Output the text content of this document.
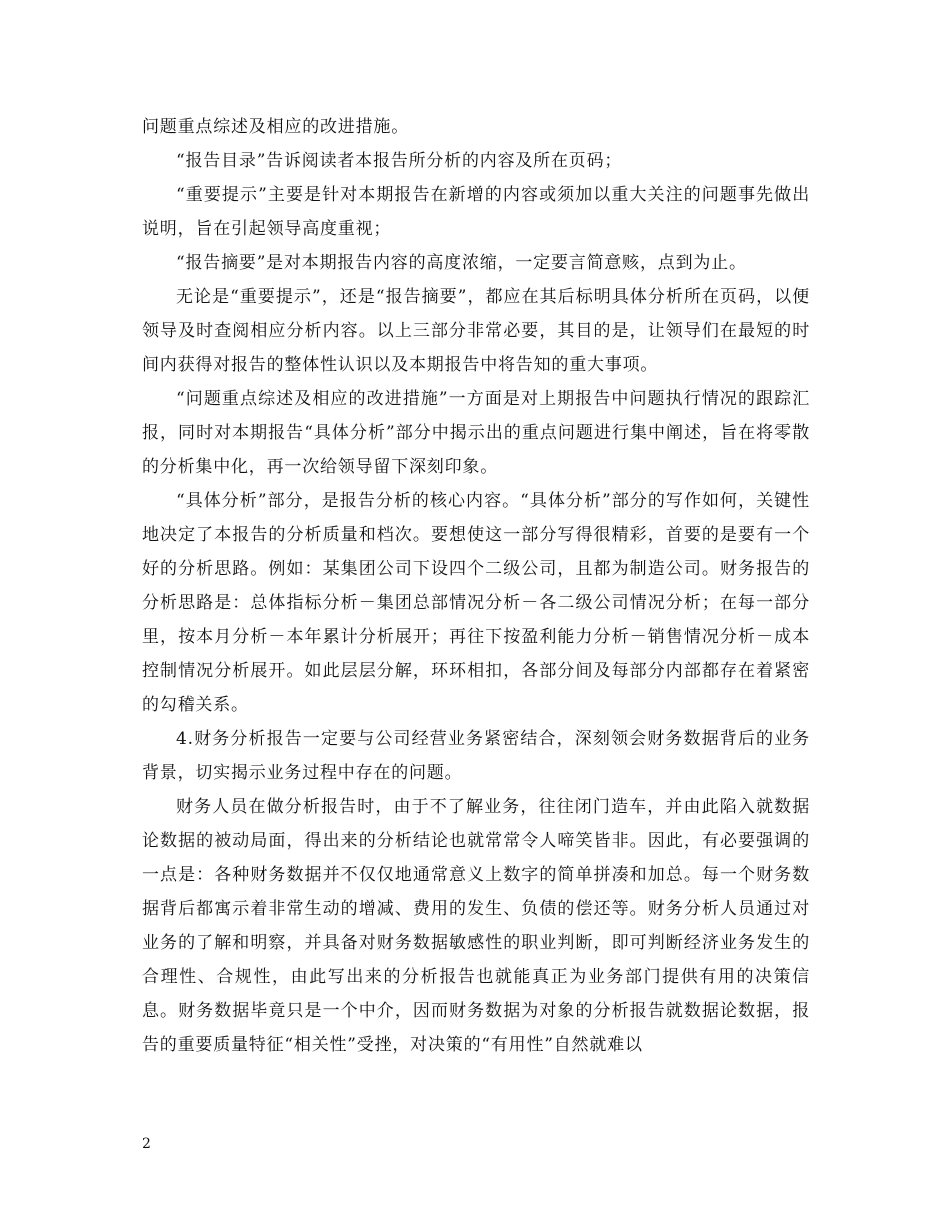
问题重点综述及相应的改进措施。

“报告目录”告诉阅读者本报告所分析的内容及所在页码；

“重要提示”主要是针对本期报告在新增的内容或须加以重大关注的问题事先做出说明，旨在引起领导高度重视；

“报告摘要”是对本期报告内容的高度浓缩，一定要言简意赅，点到为止。

无论是“重要提示”，还是“报告摘要”，都应在其后标明具体分析所在页码，以便领导及时查阅相应分析内容。以上三部分非常必要，其目的是，让领导们在最短的时间内获得对报告的整体性认识以及本期报告中将告知的重大事项。

“问题重点综述及相应的改进措施”一方面是对上期报告中问题执行情况的跟踪汇报，同时对本期报告“具体分析”部分中揭示出的重点问题进行集中阐述，旨在将零散的分析集中化，再一次给领导留下深刻印象。

“具体分析”部分，是报告分析的核心内容。“具体分析”部分的写作如何，关键性地决定了本报告的分析质量和档次。要想使这一部分写得很精彩，首要的是要有一个好的分析思路。例如：某集团公司下设四个二级公司，且都为制造公司。财务报告的分析思路是：总体指标分析－集团总部情况分析－各二级公司情况分析；在每一部分里，按本月分析－本年累计分析展开；再往下按盈利能力分析－销售情况分析－成本控制情况分析展开。如此层层分解，环环相扣，各部分间及每部分内部都存在着紧密的勾稽关系。

4.财务分析报告一定要与公司经营业务紧密结合，深刻领会财务数据背后的业务背景，切实揭示业务过程中存在的问题。

财务人员在做分析报告时，由于不了解业务，往往闭门造车，并由此陷入就数据论数据的被动局面，得出来的分析结论也就常常令人啼笑皆非。因此，有必要强调的一点是：各种财务数据并不仅仅地通常意义上数字的简单拼凑和加总。每一个财务数据背后都寓示着非常生动的增减、费用的发生、负债的偿还等。财务分析人员通过对业务的了解和明察，并具备对财务数据敏感性的职业判断，即可判断经济业务发生的合理性、合规性，由此写出来的分析报告也就能真正为业务部门提供有用的决策信息。财务数据毕竟只是一个中介，因而财务数据为对象的分析报告就数据论数据，报告的重要质量特征“相关性”受挫，对决策的“有用性”自然就难以

2
